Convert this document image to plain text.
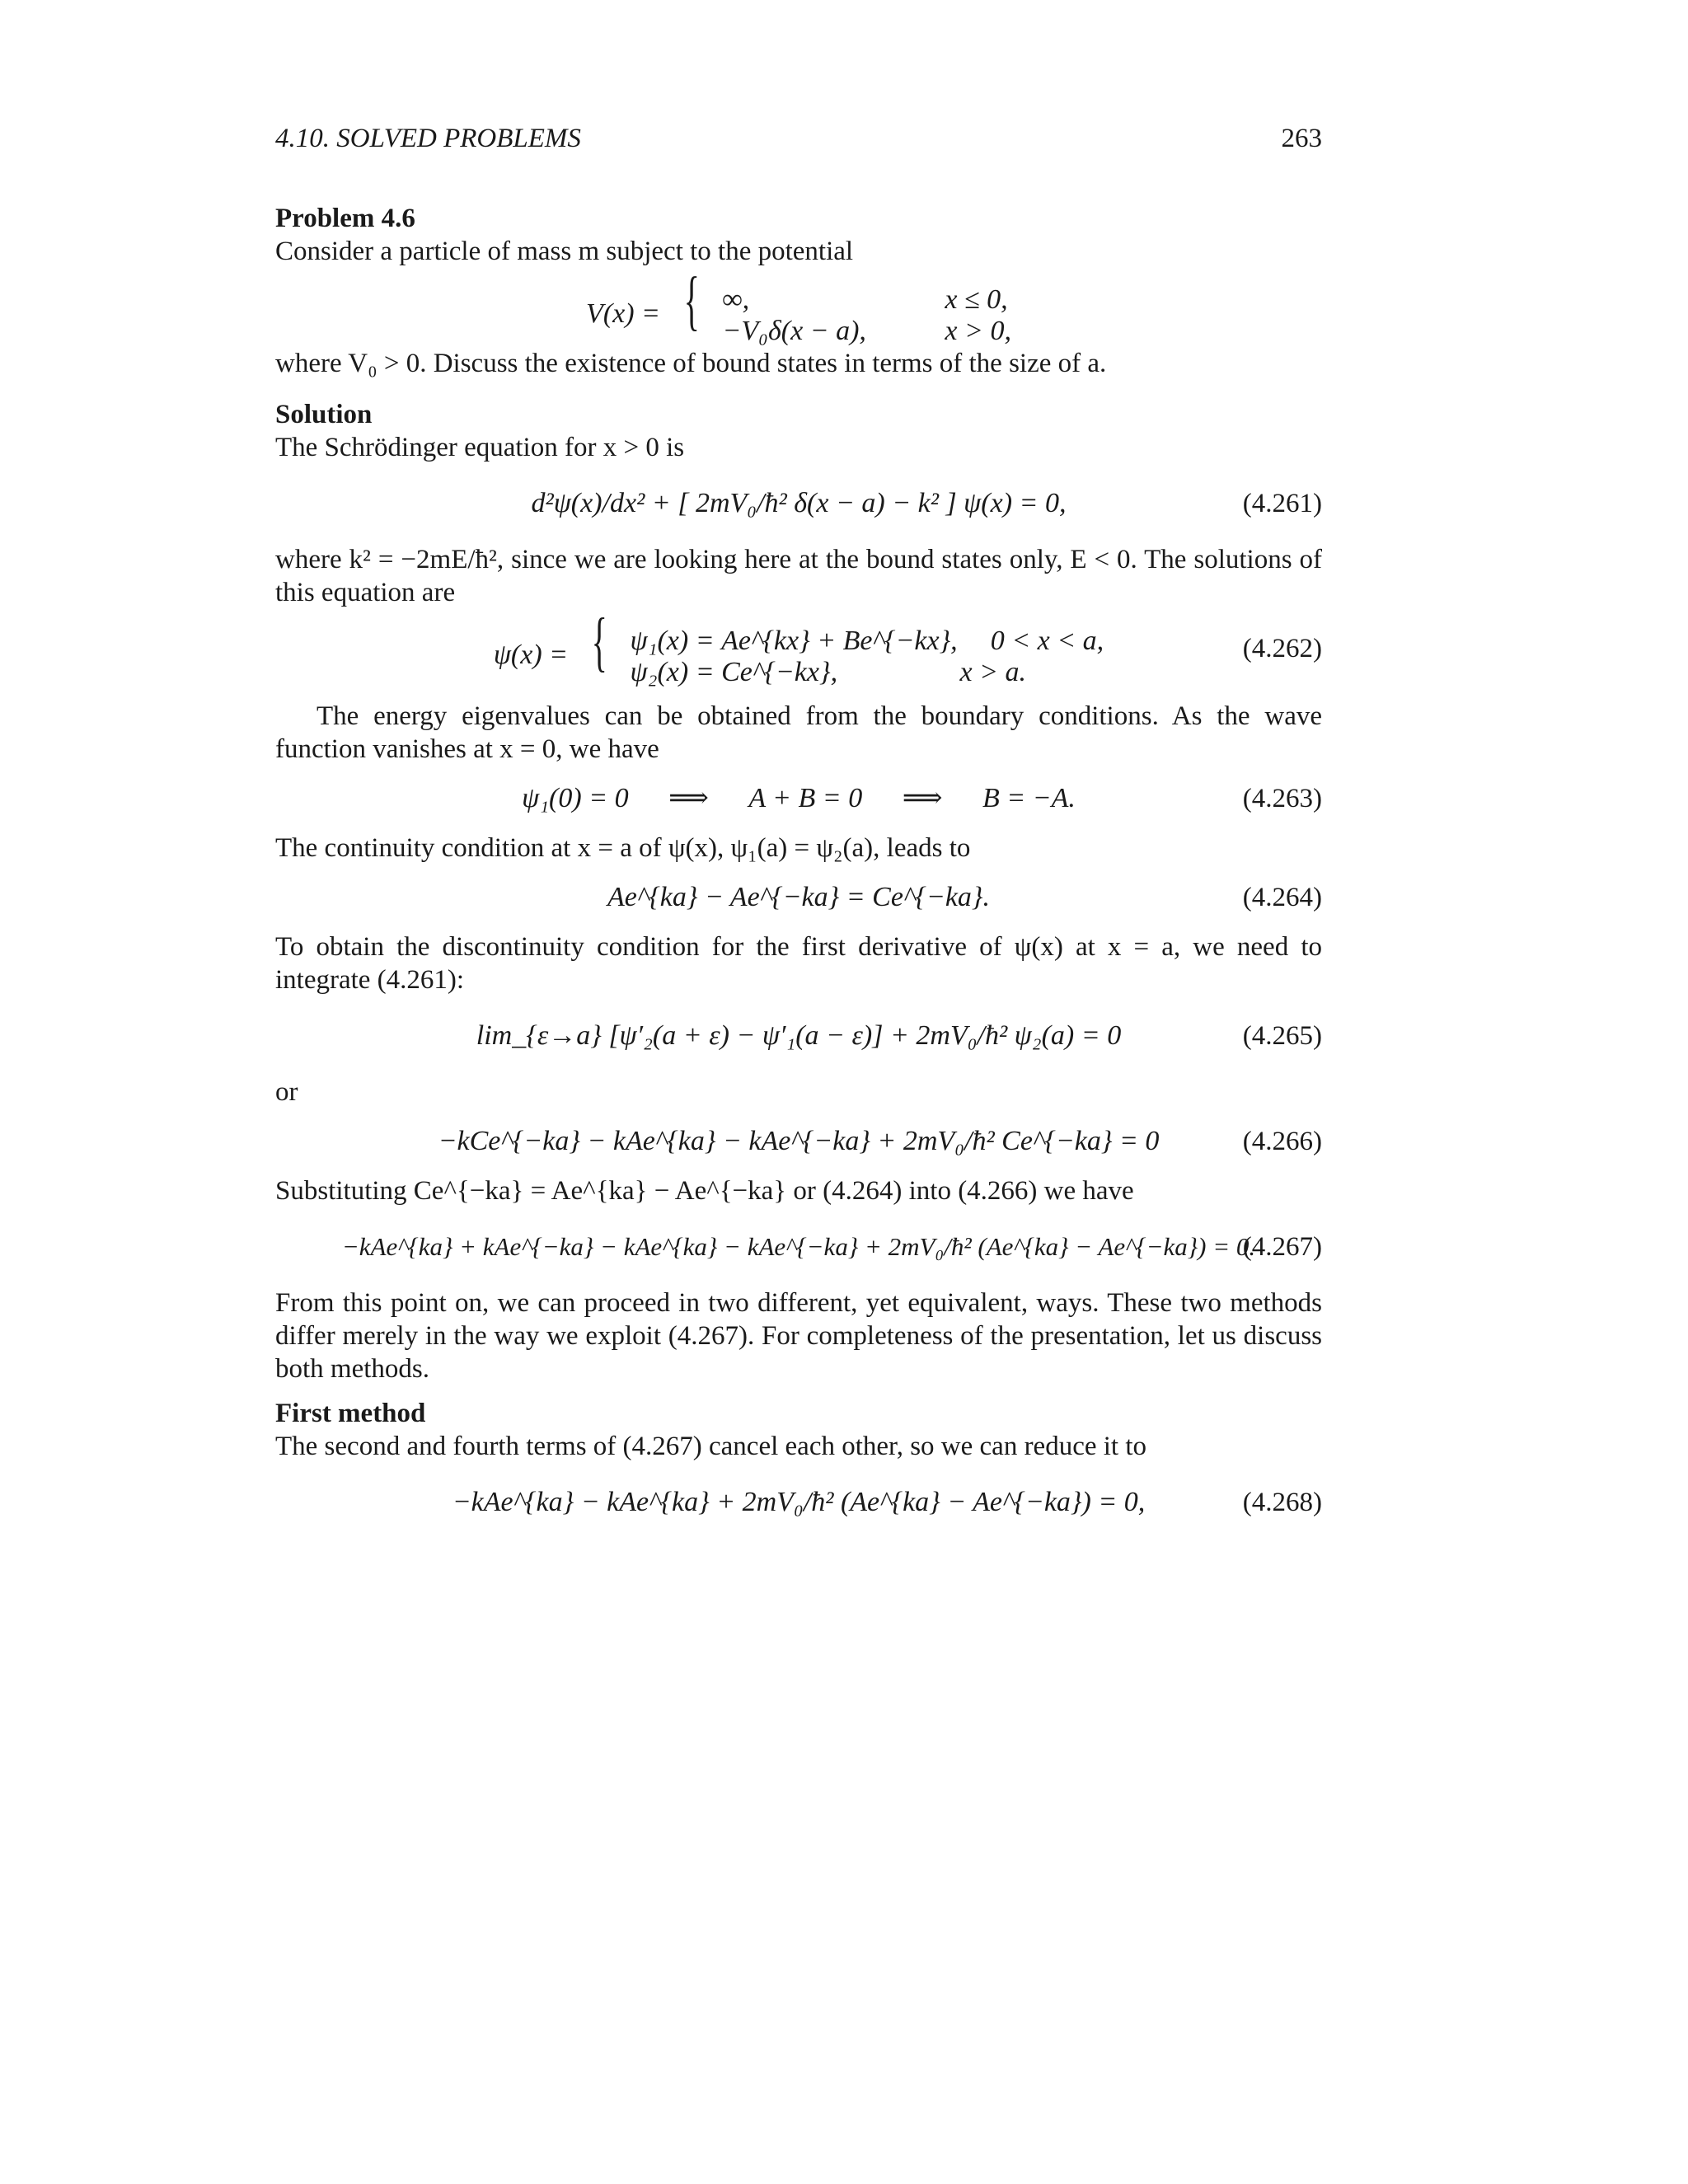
4.10. SOLVED PROBLEMS	263

Problem 4.6

Consider a particle of mass m subject to the potential

V(x) = { ∞,	x ≤ 0,
−V₀δ(x − a),	x > 0,

where V₀ > 0. Discuss the existence of bound states in terms of the size of a.

Solution

The Schrödinger equation for x > 0 is

d²ψ(x)/dx² + [ 2mV₀/ħ² δ(x − a) − k² ] ψ(x) = 0,	(4.261)

where k² = −2mE/ħ², since we are looking here at the bound states only, E < 0. The solutions of this equation are

ψ(x) = { ψ₁(x) = Ae^{kx} + Be^{−kx}, 0 < x < a,
ψ₂(x) = Ce^{−kx},	x > a.
(4.262)

The energy eigenvalues can be obtained from the boundary conditions. As the wave function vanishes at x = 0, we have

ψ₁(0) = 0 ⟹ A + B = 0 ⟹ B = −A.	(4.263)

The continuity condition at x = a of ψ(x), ψ₁(a) = ψ₂(a), leads to

Ae^{ka} − Ae^{−ka} = Ce^{−ka}.	(4.264)

To obtain the discontinuity condition for the first derivative of ψ(x) at x = a, we need to integrate (4.261):

lim_{ε→a} [ψ′₂(a + ε) − ψ′₁(a − ε)] + 2mV₀/ħ² ψ₂(a) = 0	(4.265)

or

−kCe^{−ka} − kAe^{ka} − kAe^{−ka} + 2mV₀/ħ² Ce^{−ka} = 0	(4.266)

Substituting Ce^{−ka} = Ae^{ka} − Ae^{−ka} or (4.264) into (4.266) we have

−kAe^{ka} + kAe^{−ka} − kAe^{ka} − kAe^{−ka} + 2mV₀/ħ² (Ae^{ka} − Ae^{−ka}) = 0.
(4.267)

From this point on, we can proceed in two different, yet equivalent, ways. These two methods differ merely in the way we exploit (4.267). For completeness of the presentation, let us discuss both methods.

First method

The second and fourth terms of (4.267) cancel each other, so we can reduce it to

−kAe^{ka} − kAe^{ka} + 2mV₀/ħ² (Ae^{ka} − Ae^{−ka}) = 0,	(4.268)
